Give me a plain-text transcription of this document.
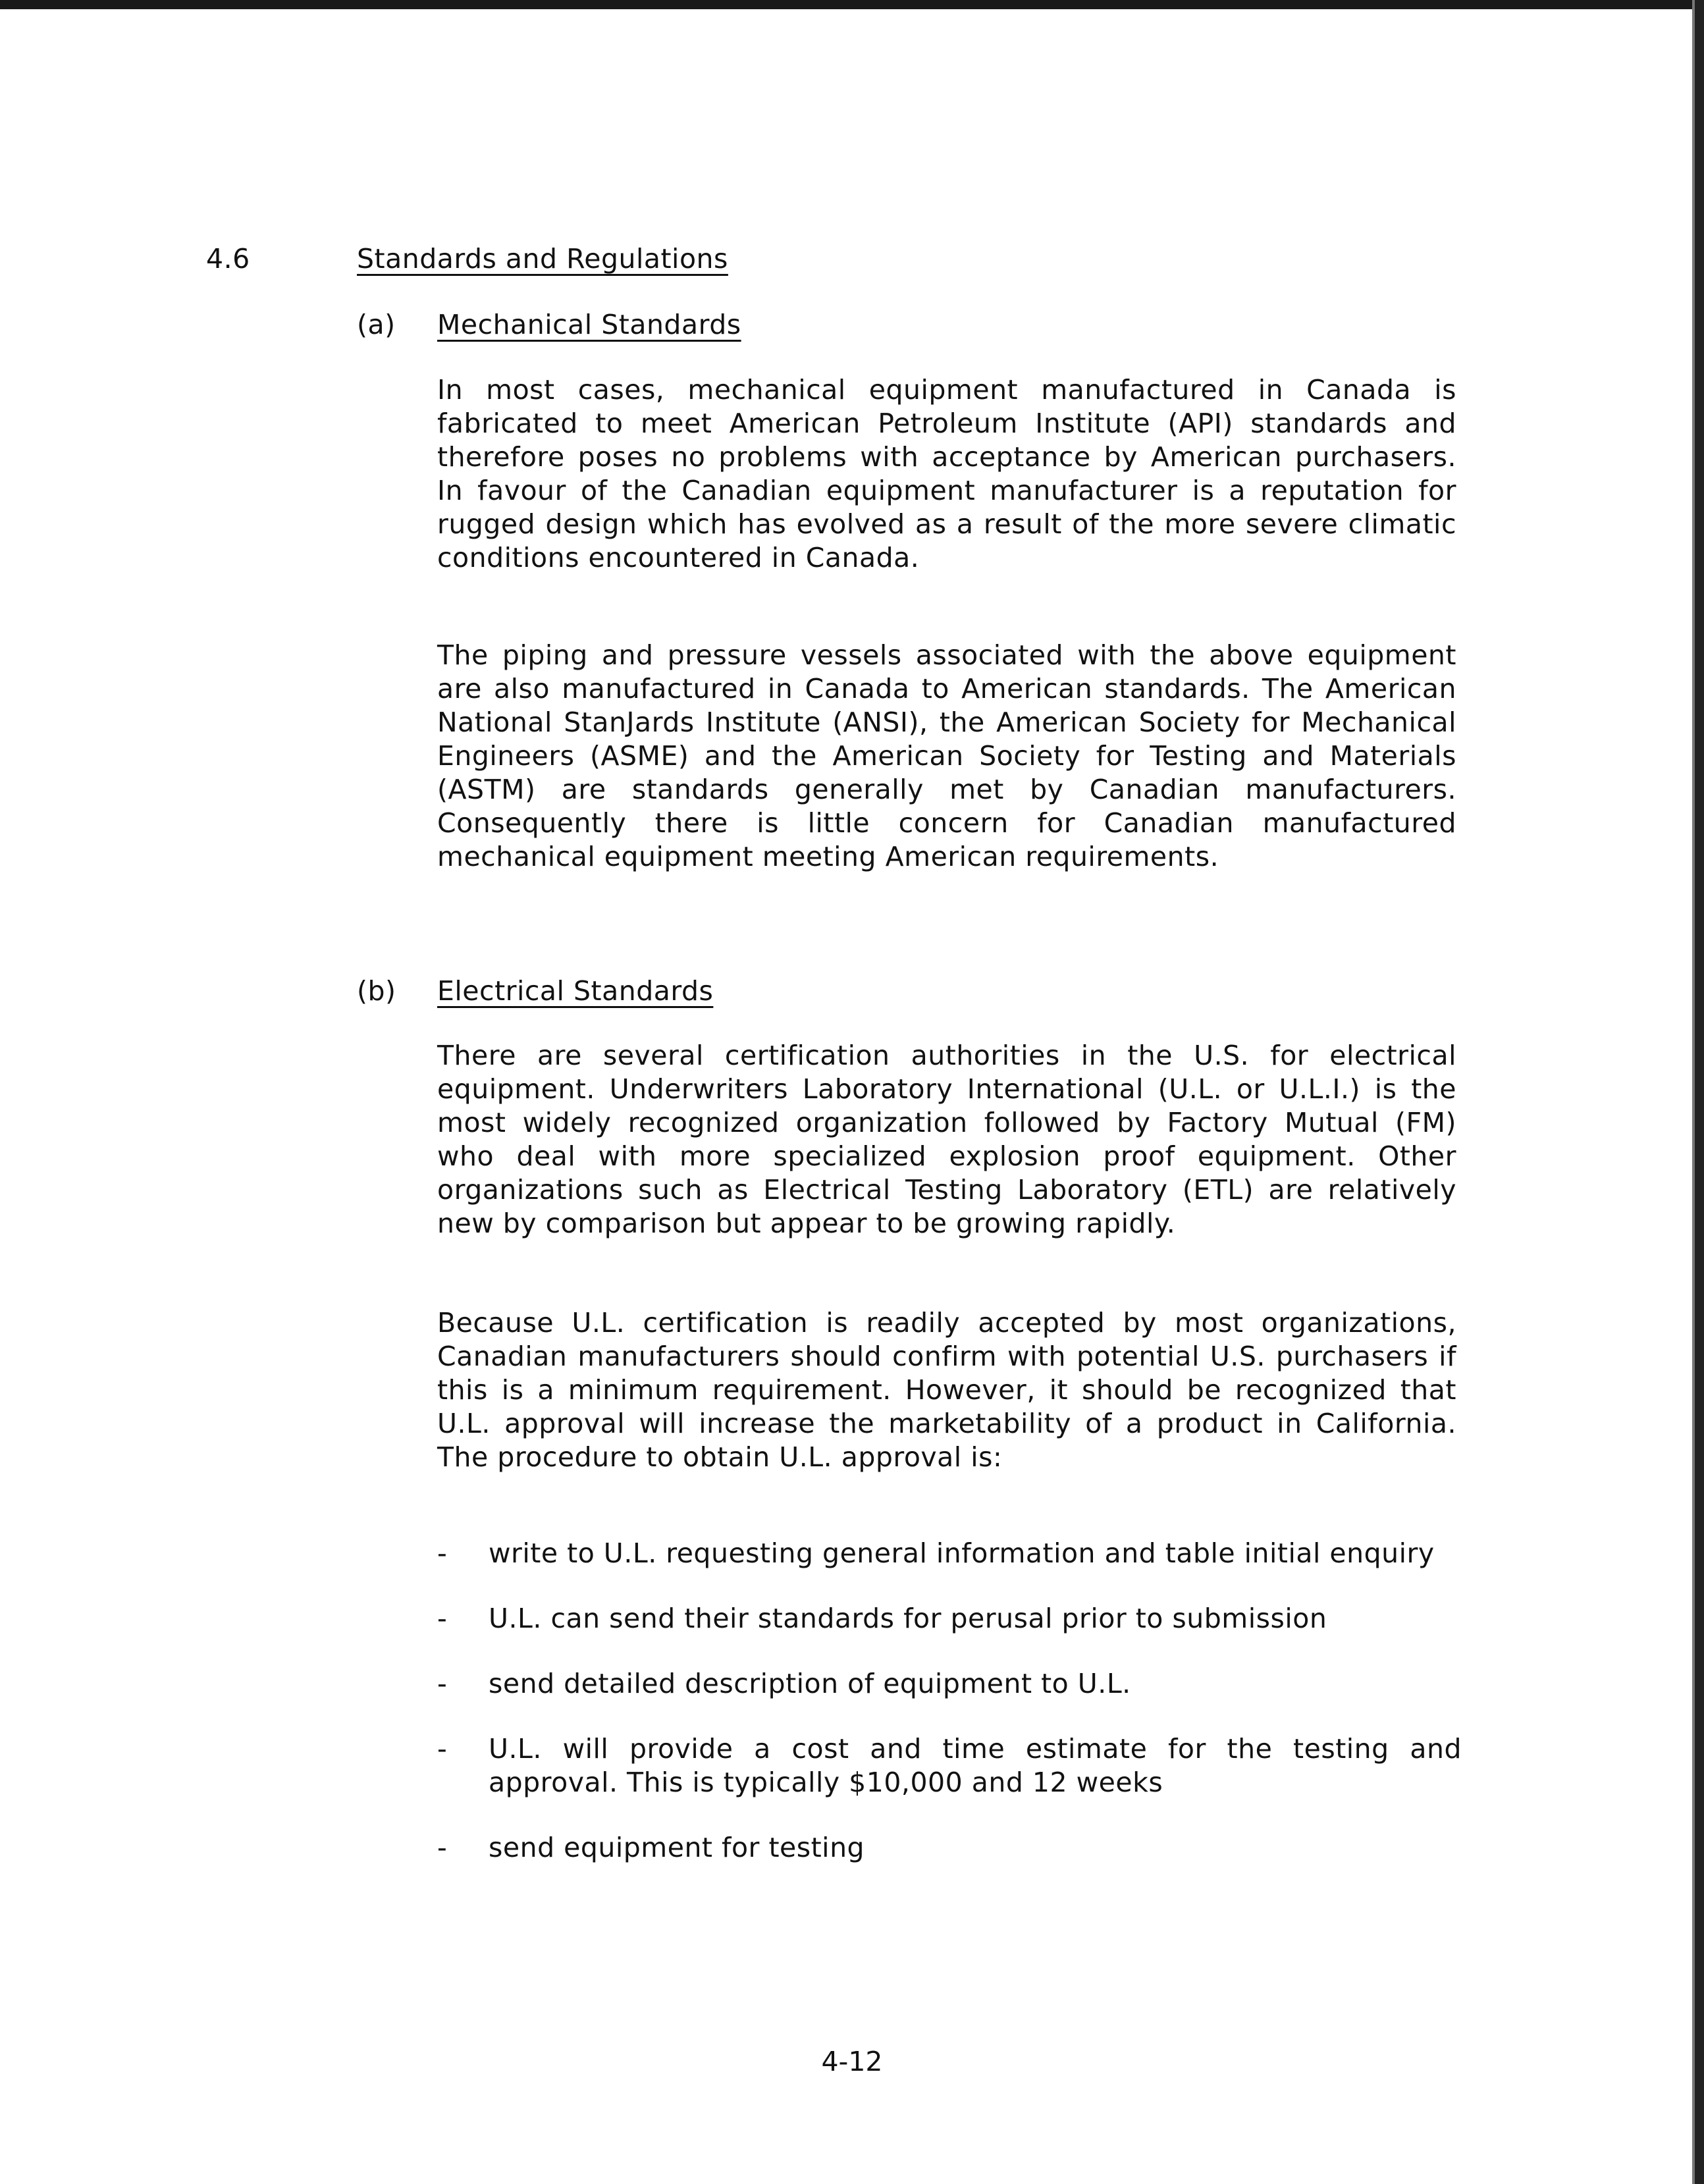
4.6	Standards and Regulations
(a) Mechanical Standards

In most cases, mechanical equipment manufactured in Canada is fabricated to meet American Petroleum Institute (API) standards and therefore poses no problems with acceptance by American purchasers. In favour of the Canadian equipment manufacturer is a reputation for rugged design which has evolved as a result of the more severe climatic conditions encountered in Canada.

The piping and pressure vessels associated with the above equipment are also manufactured in Canada to American standards. The American National StanJards Institute (ANSI), the American Society for Mechanical Engineers (ASME) and the American Society for Testing and Materials (ASTM) are standards generally met by Canadian manufacturers. Consequently there is little concern for Canadian manufactured mechanical equipment meeting American requirements.

(b) Electrical Standards

There are several certification authorities in the U.S. for electrical equipment. Underwriters Laboratory International (U.L. or U.L.I.) is the most widely recognized organization followed by Factory Mutual (FM) who deal with more specialized explosion proof equipment. Other organizations such as Electrical Testing Laboratory (ETL) are relatively new by comparison but appear to be growing rapidly.

Because U.L. certification is readily accepted by most organizations, Canadian manufacturers should confirm with potential U.S. purchasers if this is a minimum requirement. However, it should be recognized that U.L. approval will increase the marketability of a product in California. The procedure to obtain U.L. approval is:

- write to U.L. requesting general information and table initial enquiry
- U.L. can send their standards for perusal prior to submission
- send detailed description of equipment to U.L.
- U.L. will provide a cost and time estimate for the testing and approval. This is typically $10,000 and 12 weeks
- send equipment for testing
4-12
